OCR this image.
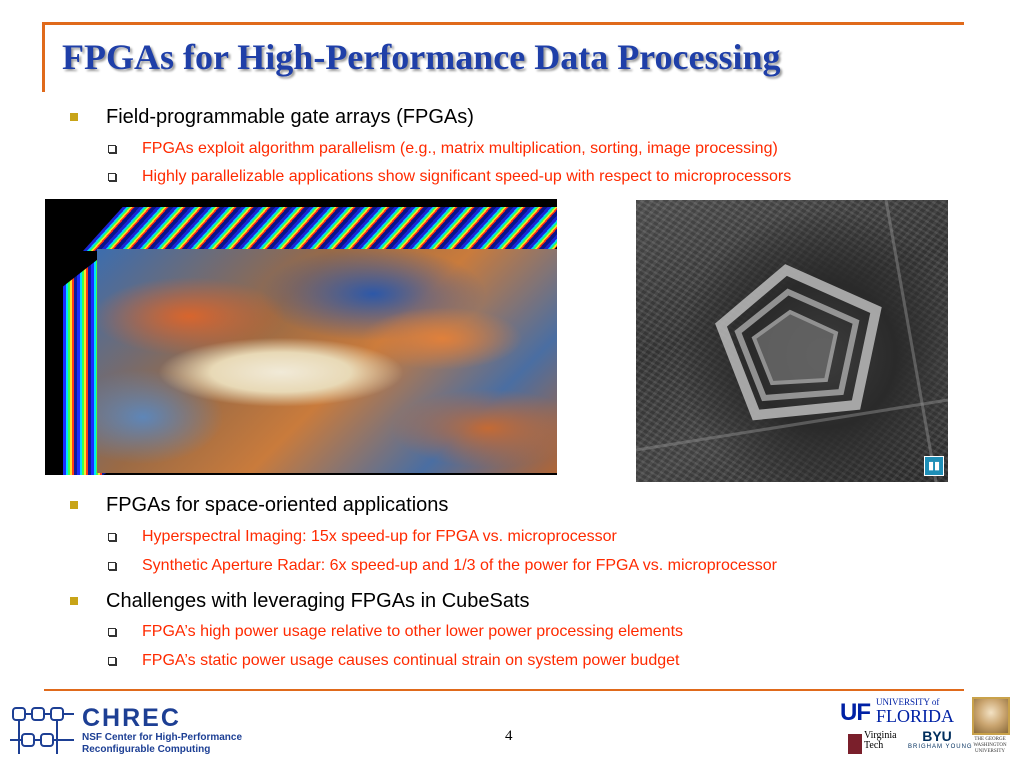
FPGAs for High-Performance Data Processing
Field-programmable gate arrays (FPGAs)
FPGAs exploit algorithm parallelism (e.g., matrix multiplication, sorting, image processing)
Highly parallelizable applications show significant speed-up with respect to microprocessors
▮▮
FPGAs for space-oriented applications
Hyperspectral Imaging: 15x speed-up for FPGA vs. microprocessor
Synthetic Aperture Radar: 6x speed-up and 1/3 of the power for FPGA vs. microprocessor
Challenges with leveraging FPGAs in CubeSats
FPGA’s high power usage relative to other lower power processing elements
FPGA’s static power usage causes continual strain on system power budget
CHREC
NSF Center for High-Performance
Reconfigurable Computing
4
UF UNIVERSITY of
FLORIDA
Virginia
Tech
BYU
BRIGHAM YOUNG
THE GEORGE WASHINGTON UNIVERSITY
